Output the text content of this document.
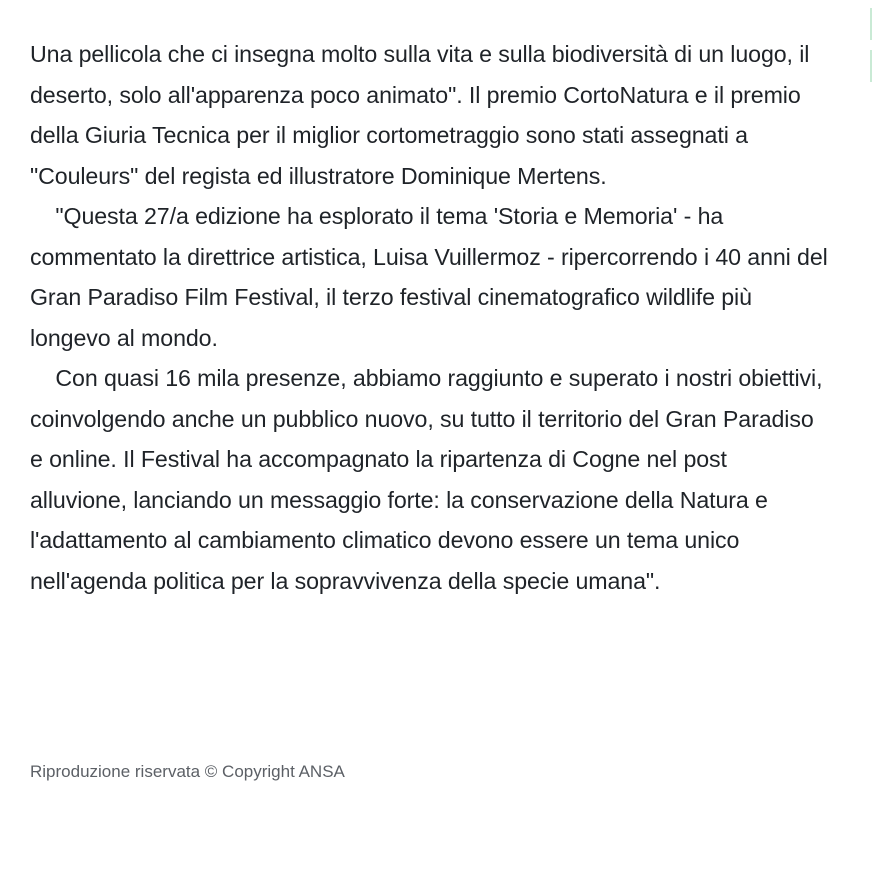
Una pellicola che ci insegna molto sulla vita e sulla biodiversità di un luogo, il deserto, solo all'apparenza poco animato". Il premio CortoNatura e il premio della Giuria Tecnica per il miglior cortometraggio sono stati assegnati a "Couleurs" del regista ed illustratore Dominique Mertens.

"Questa 27/a edizione ha esplorato il tema 'Storia e Memoria' - ha commentato la direttrice artistica, Luisa Vuillermoz - ripercorrendo i 40 anni del Gran Paradiso Film Festival, il terzo festival cinematografico wildlife più longevo al mondo.

Con quasi 16 mila presenze, abbiamo raggiunto e superato i nostri obiettivi, coinvolgendo anche un pubblico nuovo, su tutto il territorio del Gran Paradiso e online. Il Festival ha accompagnato la ripartenza di Cogne nel post alluvione, lanciando un messaggio forte: la conservazione della Natura e l'adattamento al cambiamento climatico devono essere un tema unico nell'agenda politica per la sopravvivenza della specie umana".

Riproduzione riservata © Copyright ANSA
